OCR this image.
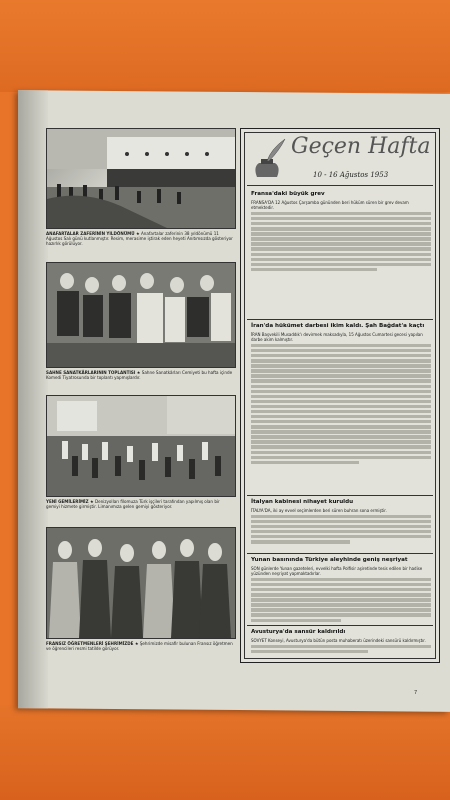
ANAFARTALAR ZAFERİNİN YILDÖNÜMÜ ★ Anafartalar zaferinin 38 yıldönümü 11 Ağustos Salı günü kutlanmıştır. Resim, merasime iştirak eden heyeti Anıtımsızda gösteriyor hazırlık görülüyor.
SAHNE SANATKÂRLARININ TOPLANTISI ★ Sahne Sanatkârları Cemiyeti bu hafta içinde Komedi Tiyatrosunda bir toplantı yapmışlardır.
YENİ GEMİLERİMİZ ★ Denizyolları filomuza Türk işçileri tarafından yapılmış olan bir gemiyi hizmete girmiştir. Limanımıza gelen gemiyi gösteriyor.
FRANSIZ ÖĞRETMENLERİ ŞEHRİMİZDE ★ Şehrimizde misafir bulunan Fransız öğretmen ve öğrencileri resmi tatilde görüyor.
Geçen Hafta
10 - 16 Ağustos 1953
Fransa'daki büyük grev
FRANSA'DA 12 Ağustos Çarşamba gününden beri hüküm süren bir grev devam etmektedir.
İran'da hükümet darbesi ikim kaldı. Şah Bağdat'a kaçtı
İRAN Başvekili Musaddık'ı devirmek maksadıyla, 15 Ağustos Cumartesi gecesi yapılan darbe akim kalmıştır.
İtalyan kabinesi nihayet kuruldu
İTALYA'DA, iki ay evvel seçimlerden beri süren buhran sona ermiştir.
Yunan basınında Türkiye aleyhinde geniş neşriyat
SON günlerde Yunan gazeteleri, evvelki hafta Polfisir aşiretinde tesis edilen bir hadise yüzünden neşriyat yapmaktadırlar.
Avusturya'da sansür kaldırıldı
SOVYET Konseyi, Avusturya'da bütün posta muhaberatı üzerindeki sansürü kaldırmıştır.
7
